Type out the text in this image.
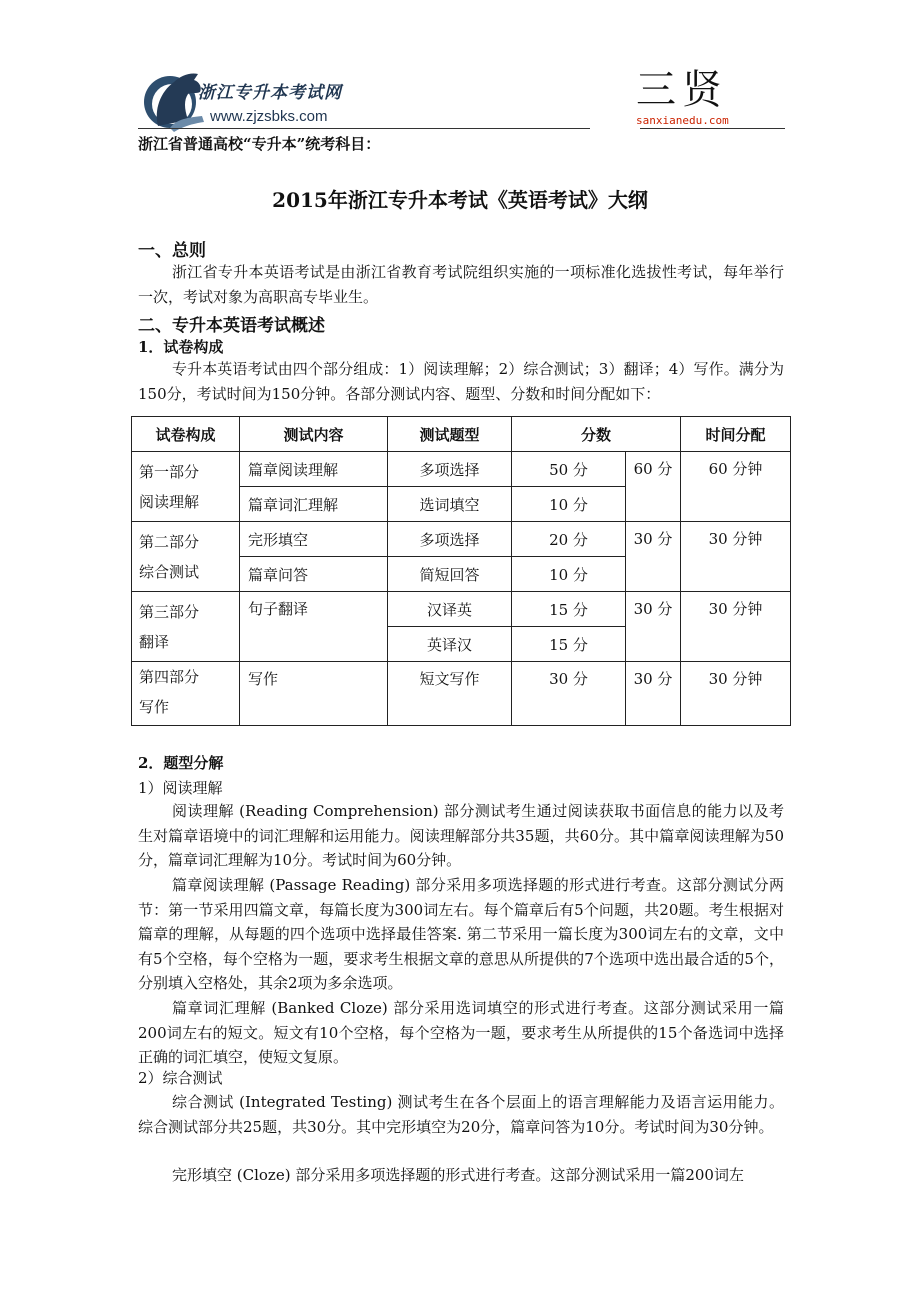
浙江专升本考试网
www.zjzsbks.com
三贤
sanxianedu.com
浙江省普通高校“专升本”统考科目：
2015年浙江专升本考试《英语考试》大纲
一、总则
浙江省专升本英语考试是由浙江省教育考试院组织实施的一项标准化选拔性考试，每年举行一次，考试对象为高职高专毕业生。
二、专升本英语考试概述
1．试卷构成
专升本英语考试由四个部分组成：1）阅读理解；2）综合测试；3）翻译；4）写作。满分为150分，考试时间为150分钟。各部分测试内容、题型、分数和时间分配如下：
试卷构成	测试内容	测试题型	分数		时间分配

第一部分
阅读理解	篇章阅读理解	多项选择	50 分	60 分	60 分钟
	篇章词汇理解	选词填空	10 分		

第二部分
综合测试	完形填空	多项选择	20 分	30 分	30 分钟
	篇章问答	简短回答	10 分		

第三部分
翻译	句子翻译	汉译英	15 分	30 分	30 分钟
		英译汉	15 分		

第四部分
写作	写作	短文写作	30 分	30 分	30 分钟
2．题型分解
1）阅读理解
阅读理解 (Reading Comprehension) 部分测试考生通过阅读获取书面信息的能力以及考生对篇章语境中的词汇理解和运用能力。阅读理解部分共35题，共60分。其中篇章阅读理解为50分，篇章词汇理解为10分。考试时间为60分钟。
篇章阅读理解 (Passage Reading) 部分采用多项选择题的形式进行考查。这部分测试分两节：第一节采用四篇文章，每篇长度为300词左右。每个篇章后有5个问题，共20题。考生根据对篇章的理解，从每题的四个选项中选择最佳答案. 第二节采用一篇长度为300词左右的文章，文中有5个空格，每个空格为一题，要求考生根据文章的意思从所提供的7个选项中选出最合适的5个，分别填入空格处，其余2项为多余选项。
篇章词汇理解 (Banked Cloze) 部分采用选词填空的形式进行考查。这部分测试采用一篇200词左右的短文。短文有10个空格，每个空格为一题，要求考生从所提供的15个备选词中选择正确的词汇填空，使短文复原。
2）综合测试
综合测试 (Integrated Testing) 测试考生在各个层面上的语言理解能力及语言运用能力。综合测试部分共25题，共30分。其中完形填空为20分，篇章问答为10分。考试时间为30分钟。
完形填空 (Cloze) 部分采用多项选择题的形式进行考查。这部分测试采用一篇200词左
